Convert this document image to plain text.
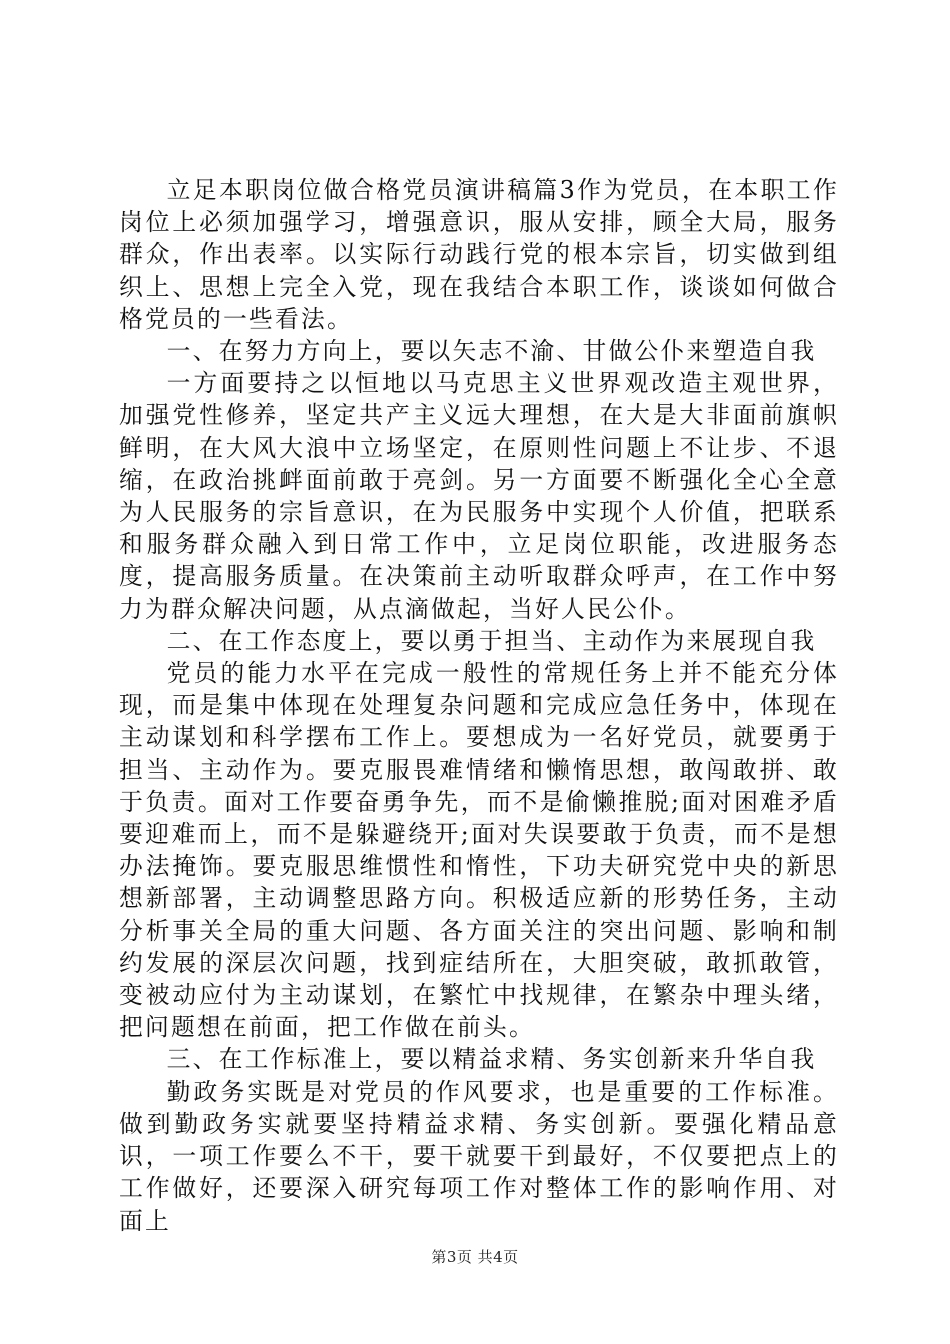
立足本职岗位做合格党员演讲稿篇3作为党员，在本职工作岗位上必须加强学习，增强意识，服从安排，顾全大局，服务群众，作出表率。以实际行动践行党的根本宗旨，切实做到组织上、思想上完全入党，现在我结合本职工作，谈谈如何做合格党员的一些看法。

一、在努力方向上，要以矢志不渝、甘做公仆来塑造自我

一方面要持之以恒地以马克思主义世界观改造主观世界，加强党性修养，坚定共产主义远大理想，在大是大非面前旗帜鲜明，在大风大浪中立场坚定，在原则性问题上不让步、不退缩，在政治挑衅面前敢于亮剑。另一方面要不断强化全心全意为人民服务的宗旨意识，在为民服务中实现个人价值，把联系和服务群众融入到日常工作中，立足岗位职能，改进服务态度，提高服务质量。在决策前主动听取群众呼声，在工作中努力为群众解决问题，从点滴做起，当好人民公仆。

二、在工作态度上，要以勇于担当、主动作为来展现自我

党员的能力水平在完成一般性的常规任务上并不能充分体现，而是集中体现在处理复杂问题和完成应急任务中，体现在主动谋划和科学摆布工作上。要想成为一名好党员，就要勇于担当、主动作为。要克服畏难情绪和懒惰思想，敢闯敢拼、敢于负责。面对工作要奋勇争先，而不是偷懒推脱;面对困难矛盾要迎难而上，而不是躲避绕开;面对失误要敢于负责，而不是想办法掩饰。要克服思维惯性和惰性，下功夫研究党中央的新思想新部署，主动调整思路方向。积极适应新的形势任务，主动分析事关全局的重大问题、各方面关注的突出问题、影响和制约发展的深层次问题，找到症结所在，大胆突破，敢抓敢管，变被动应付为主动谋划，在繁忙中找规律，在繁杂中理头绪，把问题想在前面，把工作做在前头。

三、在工作标准上，要以精益求精、务实创新来升华自我

勤政务实既是对党员的作风要求，也是重要的工作标准。做到勤政务实就要坚持精益求精、务实创新。要强化精品意识，一项工作要么不干，要干就要干到最好，不仅要把点上的工作做好，还要深入研究每项工作对整体工作的影响作用、对面上

第3页 共4页
